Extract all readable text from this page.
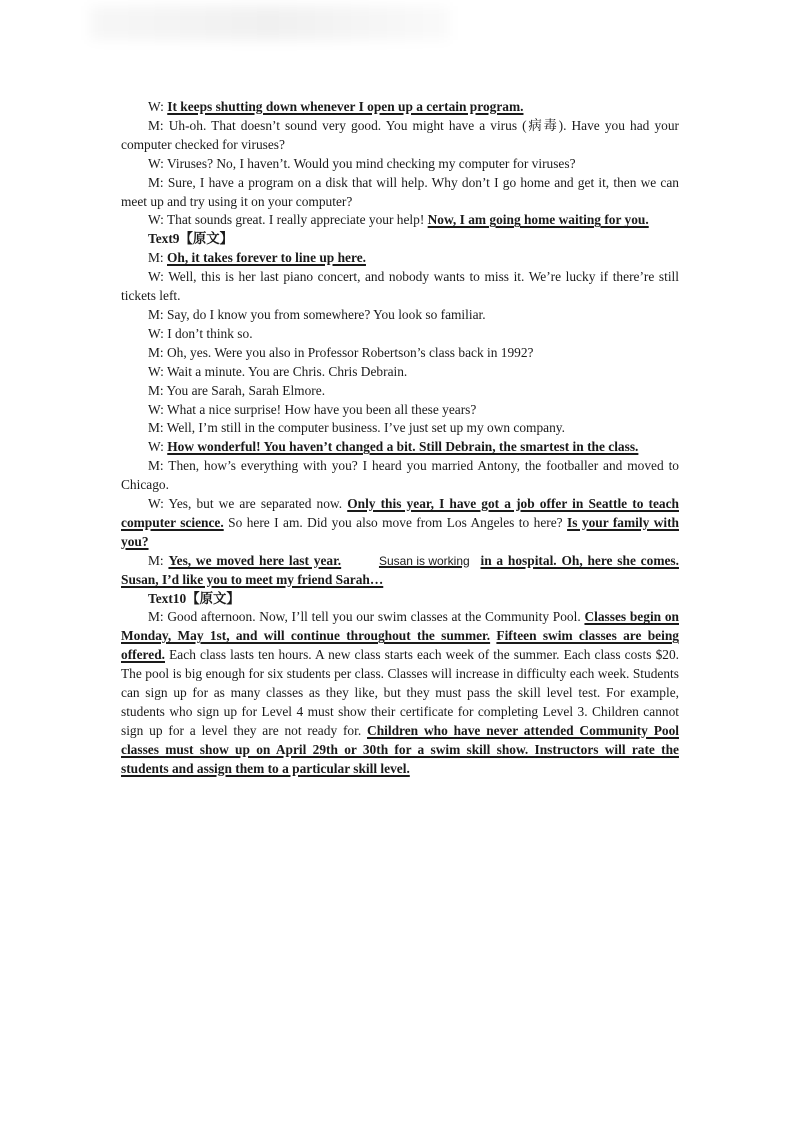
W: It keeps shutting down whenever I open up a certain program.

M: Uh-oh. That doesn’t sound very good. You might have a virus (病毒). Have you had your computer checked for viruses?

W: Viruses? No, I haven’t. Would you mind checking my computer for viruses?

M: Sure, I have a program on a disk that will help. Why don’t I go home and get it, then we can meet up and try using it on your computer?

W: That sounds great. I really appreciate your help! Now, I am going home waiting for you.

Text9【原文】

M: Oh, it takes forever to line up here.

W: Well, this is her last piano concert, and nobody wants to miss it. We’re lucky if there’re still tickets left.

M: Say, do I know you from somewhere? You look so familiar.

W: I don’t think so.

M: Oh, yes. Were you also in Professor Robertson’s class back in 1992?

W: Wait a minute. You are Chris. Chris Debrain.

M: You are Sarah, Sarah Elmore.

W: What a nice surprise! How have you been all these years?

M: Well, I’m still in the computer business. I’ve just set up my own company.

W: How wonderful! You haven’t changed a bit. Still Debrain, the smartest in the class.

M: Then, how’s everything with you? I heard you married Antony, the footballer and moved to Chicago.

W: Yes, but we are separated now. Only this year, I have got a job offer in Seattle to teach computer science. So here I am. Did you also move from Los Angeles to here? Is your family with you?

M: Yes, we moved here last year.	Susan is working in a hospital. Oh, here she comes. Susan, I’d like you to meet my friend Sarah…

Text10【原文】

M: Good afternoon. Now, I’ll tell you our swim classes at the Community Pool. Classes begin on Monday, May 1st, and will continue throughout the summer. Fifteen swim classes are being offered. Each class lasts ten hours. A new class starts each week of the summer. Each class costs $20. The pool is big enough for six students per class. Classes will increase in difficulty each week. Students can sign up for as many classes as they like, but they must pass the skill level test. For example, students who sign up for Level 4 must show their certificate for completing Level 3. Children cannot sign up for a level they are not ready for. Children who have never attended Community Pool classes must show up on April 29th or 30th for a swim skill show. Instructors will rate the students and assign them to a particular skill level.
